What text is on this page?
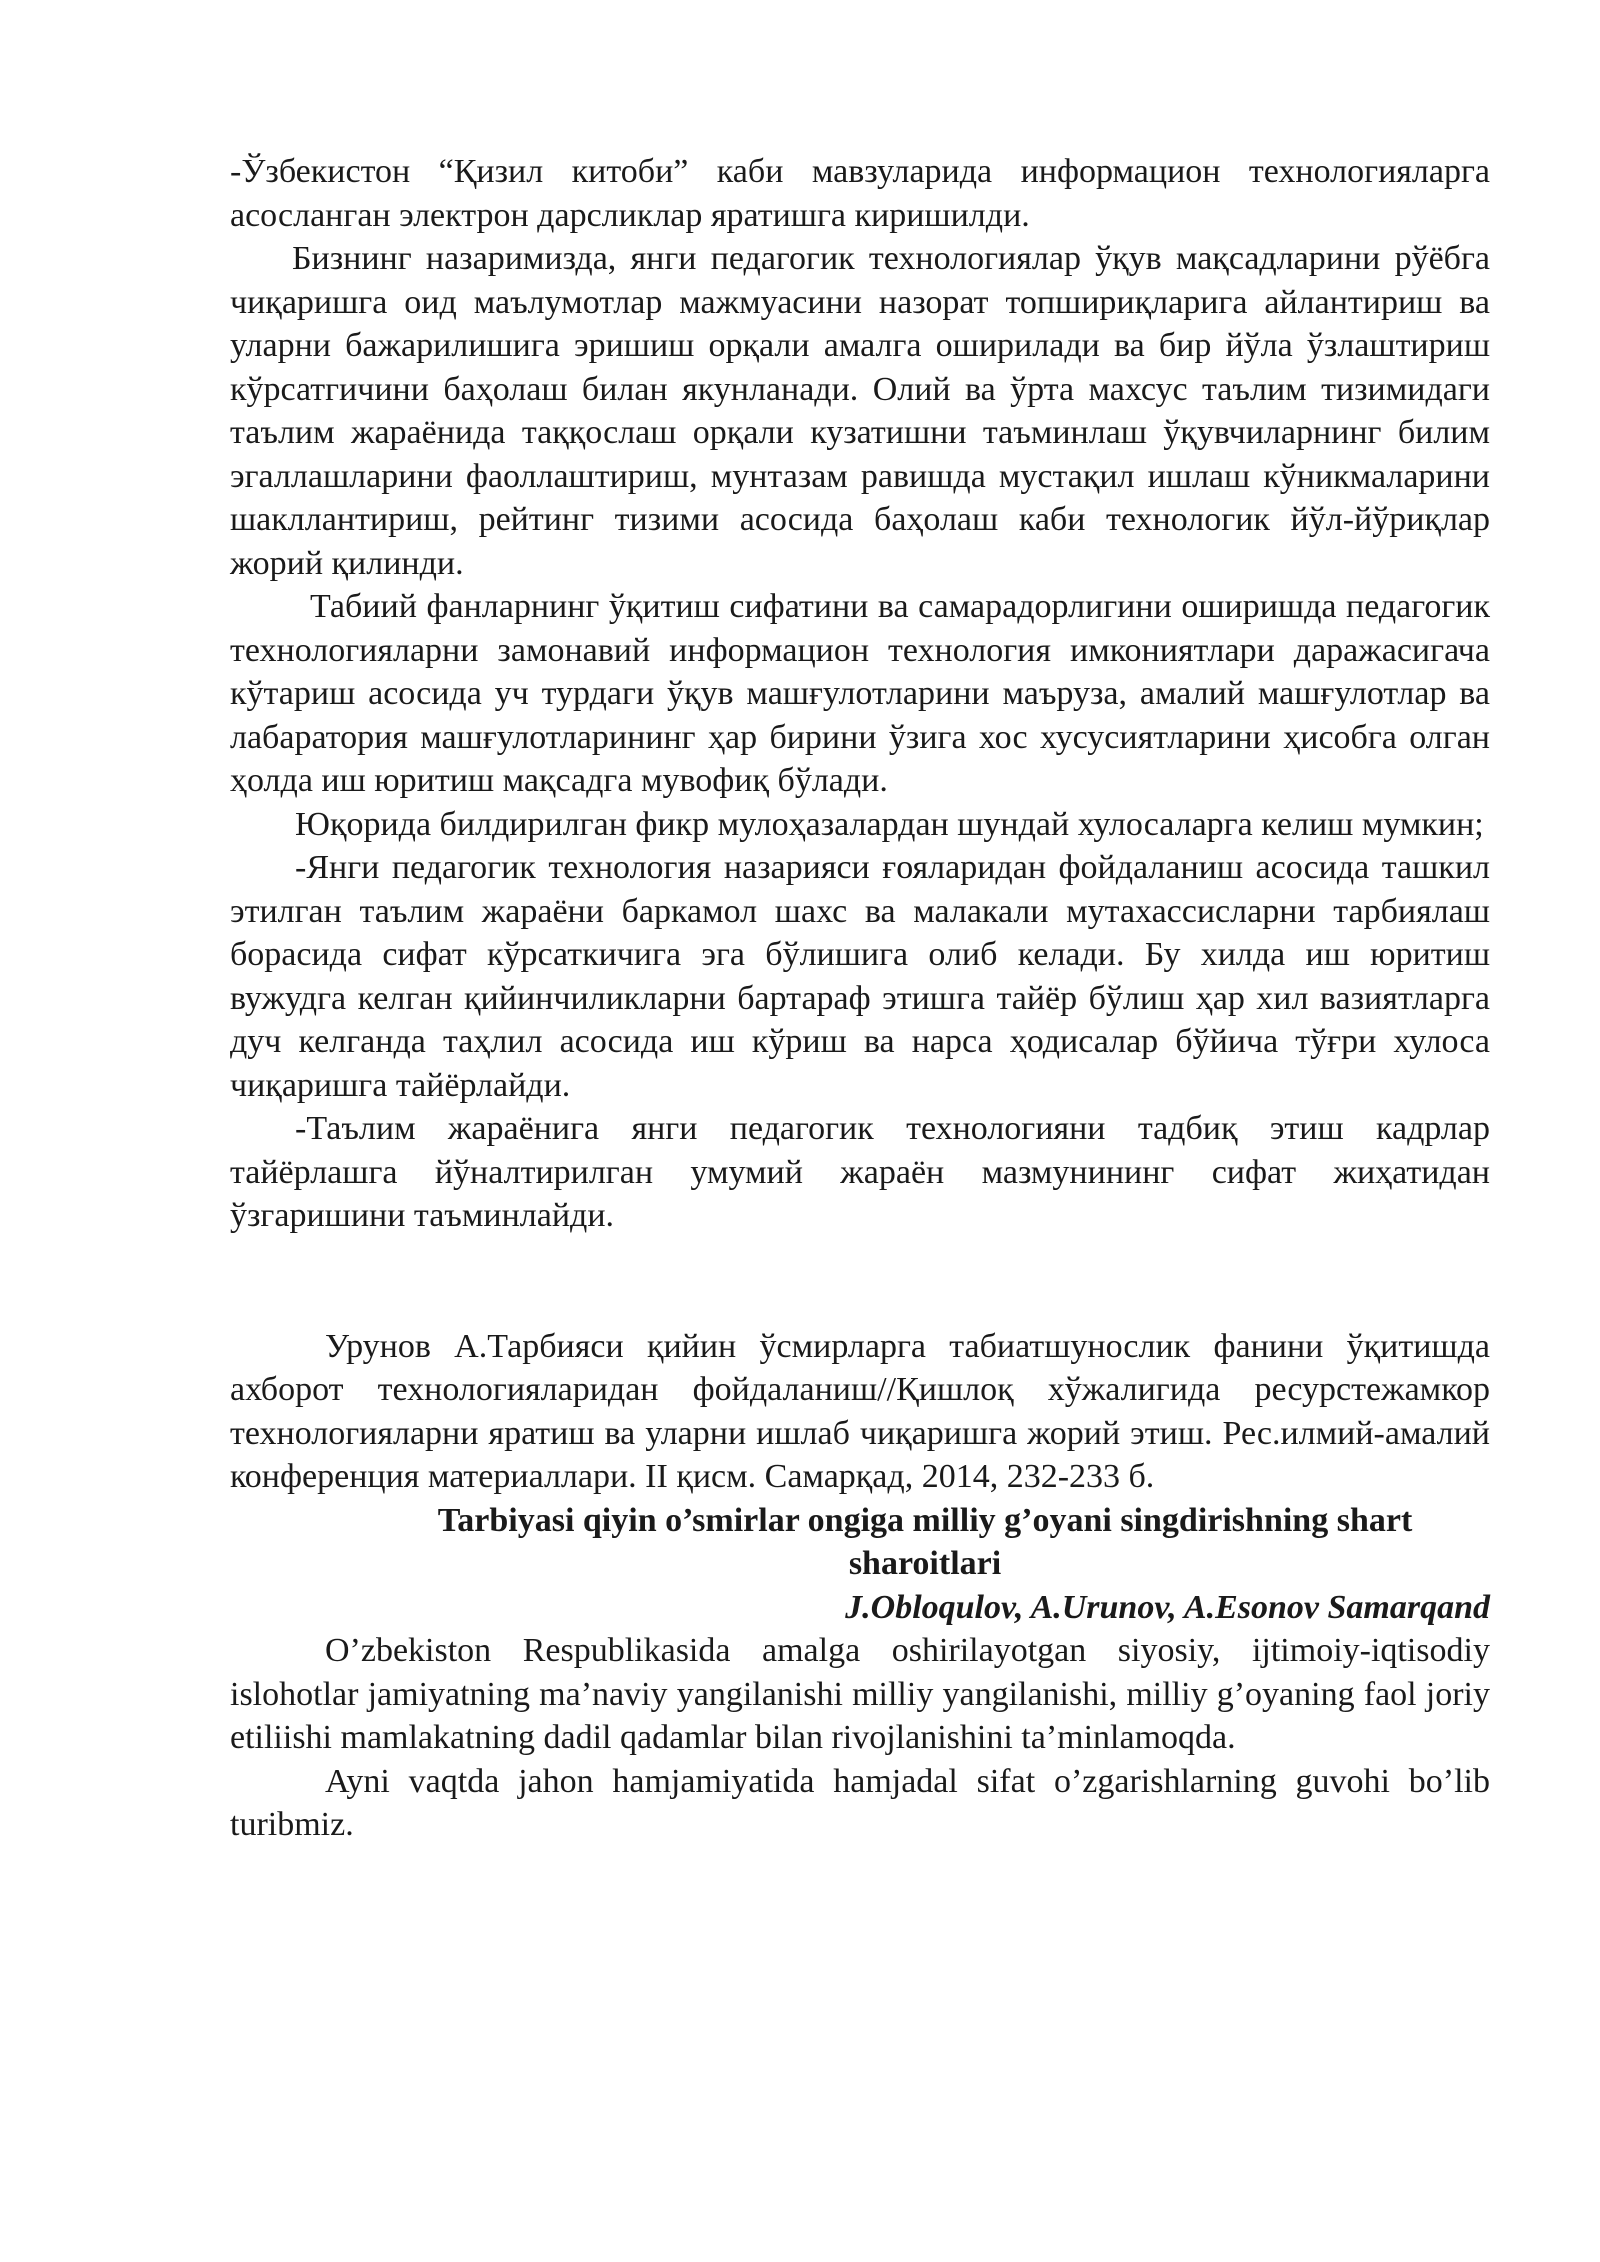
-Ўзбекистон “Қизил китоби” каби мавзуларида информацион технологияларга асосланган электрон дарсликлар яратишга киришилди.

Бизнинг назаримизда, янги педагогик технологиялар ўқув мақсадларини рўёбга чиқаришга оид маълумотлар мажмуасини назорат топшириқларига айлантириш ва уларни бажарилишига эришиш орқали амалга оширилади ва бир йўла ўзлаштириш кўрсатгичини баҳолаш билан якунланади. Олий ва ўрта махсус таълим тизимидаги таълим жараёнида таққослаш орқали кузатишни таъминлаш ўқувчиларнинг билим эгаллашларини фаоллаштириш, мунтазам равишда мустақил ишлаш кўникмаларини шакллантириш, рейтинг тизими асосида баҳолаш каби технологик йўл-йўриқлар жорий қилинди.

Табиий фанларнинг ўқитиш сифатини ва самарадорлигини оширишда педагогик технологияларни замонавий информацион технология имкониятлари даражасигача кўтариш асосида уч турдаги ўқув машғулотларини маъруза, амалий машғулотлар ва лабаратория машғулотларининг ҳар бирини ўзига хос хусусиятларини ҳисобга олган ҳолда иш юритиш мақсадга мувофиқ бўлади.

Юқорида билдирилган фикр мулоҳазалардан шундай хулосаларга келиш мумкин;

-Янги педагогик технология назарияси ғояларидан фойдаланиш асосида ташкил этилган таълим жараёни баркамол шахс ва малакали мутахассисларни тарбиялаш борасида сифат кўрсаткичига эга бўлишига олиб келади. Бу хилда иш юритиш вужудга келган қийинчиликларни бартараф этишга тайёр бўлиш ҳар хил вазиятларга дуч келганда таҳлил асосида иш кўриш ва нарса ҳодисалар бўйича тўғри хулоса чиқаришга тайёрлайди.

-Таълим жараёнига янги педагогик технологияни тадбиқ этиш кадрлар тайёрлашга йўналтирилган умумий жараён мазмунининг сифат жиҳатидан ўзгаришини таъминлайди.

Урунов А.Тарбияси қийин ўсмирларга табиатшунослик фанини ўқитишда ахборот технологияларидан фойдаланиш//Қишлоқ хўжалигида ресурстежамкор технологияларни яратиш ва уларни ишлаб чиқаришга жорий этиш. Рес.илмий-амалий конференция материаллари. II қисм. Самарқад, 2014, 232-233 б.

Tarbiyasi qiyin o’smirlar ongiga milliy g’oyani singdirishning shart sharoitlari

J.Obloqulov, A.Urunov, A.Esonov Samarqand

O’zbekiston Respublikasida amalga oshirilayotgan siyosiy, ijtimoiy-iqtisodiy islohotlar jamiyatning ma’naviy yangilanishi milliy yangilanishi, milliy g’oyaning faol joriy etiliishi mamlakatning dadil qadamlar bilan rivojlanishini ta’minlamoqda.

Ayni vaqtda jahon hamjamiyatida hamjadal sifat o’zgarishlarning guvohi bo’lib turibmiz.
